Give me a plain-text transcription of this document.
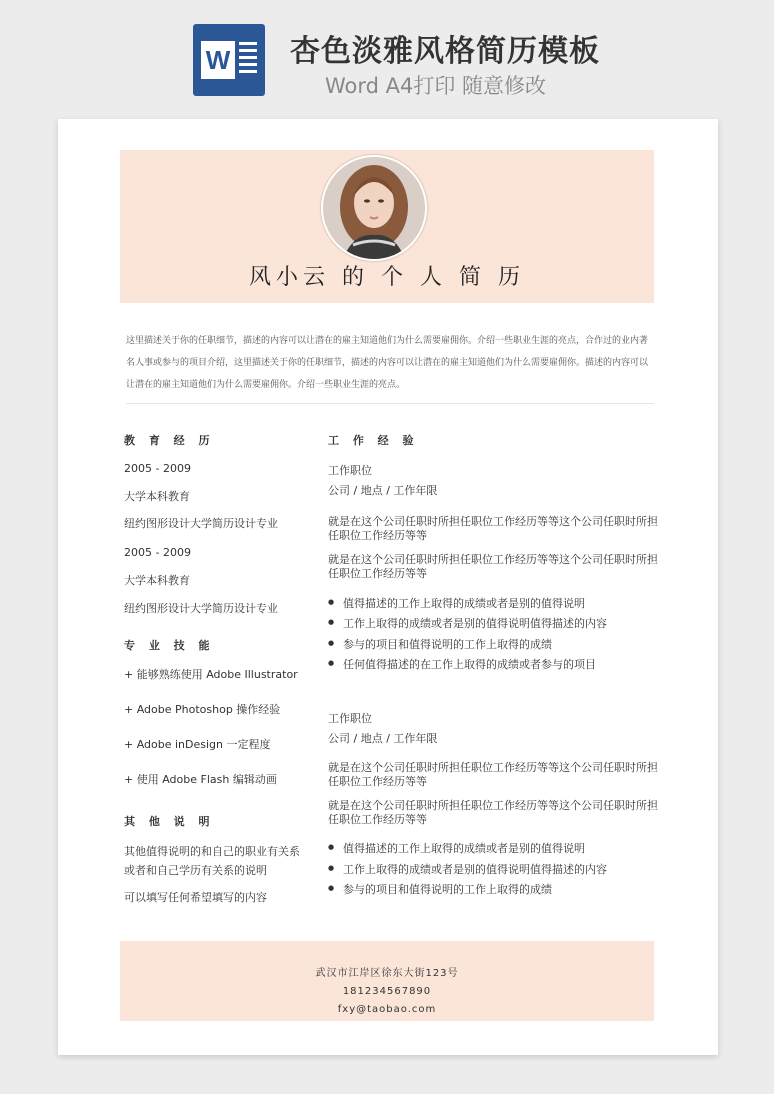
W 杏色淡雅风格简历模板
Word A4打印 随意修改
风小云 的 个 人 简 历
这里描述关于你的任职细节，描述的内容可以让潜在的雇主知道他们为什么需要雇佣你。介绍一些职业生涯的亮点，合作过的业内著名人事或参与的项目介绍，这里描述关于你的任职细节，描述的内容可以让潜在的雇主知道他们为什么需要雇佣你。描述的内容可以让潜在的雇主知道他们为什么需要雇佣你。介绍一些职业生涯的亮点。
教 育 经 历
2005 - 2009
大学本科教育
纽约图形设计大学简历设计专业
2005 - 2009
大学本科教育
纽约图形设计大学简历设计专业
专 业 技 能
+ 能够熟练使用 Adobe Illustrator
+ Adobe Photoshop 操作经验
+ Adobe inDesign 一定程度
+ 使用 Adobe Flash 编辑动画
其 他 说 明
其他值得说明的和自己的职业有关系
或者和自己学历有关系的说明
可以填写任何希望填写的内容
工 作 经 验
工作职位
公司 / 地点 / 工作年限
就是在这个公司任职时所担任职位工作经历等等这个公司任职时所担任职位工作经历等等
就是在这个公司任职时所担任职位工作经历等等这个公司任职时所担任职位工作经历等等
● 值得描述的工作上取得的成绩或者是别的值得说明
● 工作上取得的成绩或者是别的值得说明值得描述的内容
● 参与的项目和值得说明的工作上取得的成绩
● 任何值得描述的在工作上取得的成绩或者参与的项目
工作职位
公司 / 地点 / 工作年限
就是在这个公司任职时所担任职位工作经历等等这个公司任职时所担任职位工作经历等等
就是在这个公司任职时所担任职位工作经历等等这个公司任职时所担任职位工作经历等等
● 值得描述的工作上取得的成绩或者是别的值得说明
● 工作上取得的成绩或者是别的值得说明值得描述的内容
● 参与的项目和值得说明的工作上取得的成绩
武汉市江岸区徐东大街123号
181234567890
fxy@taobao.com
